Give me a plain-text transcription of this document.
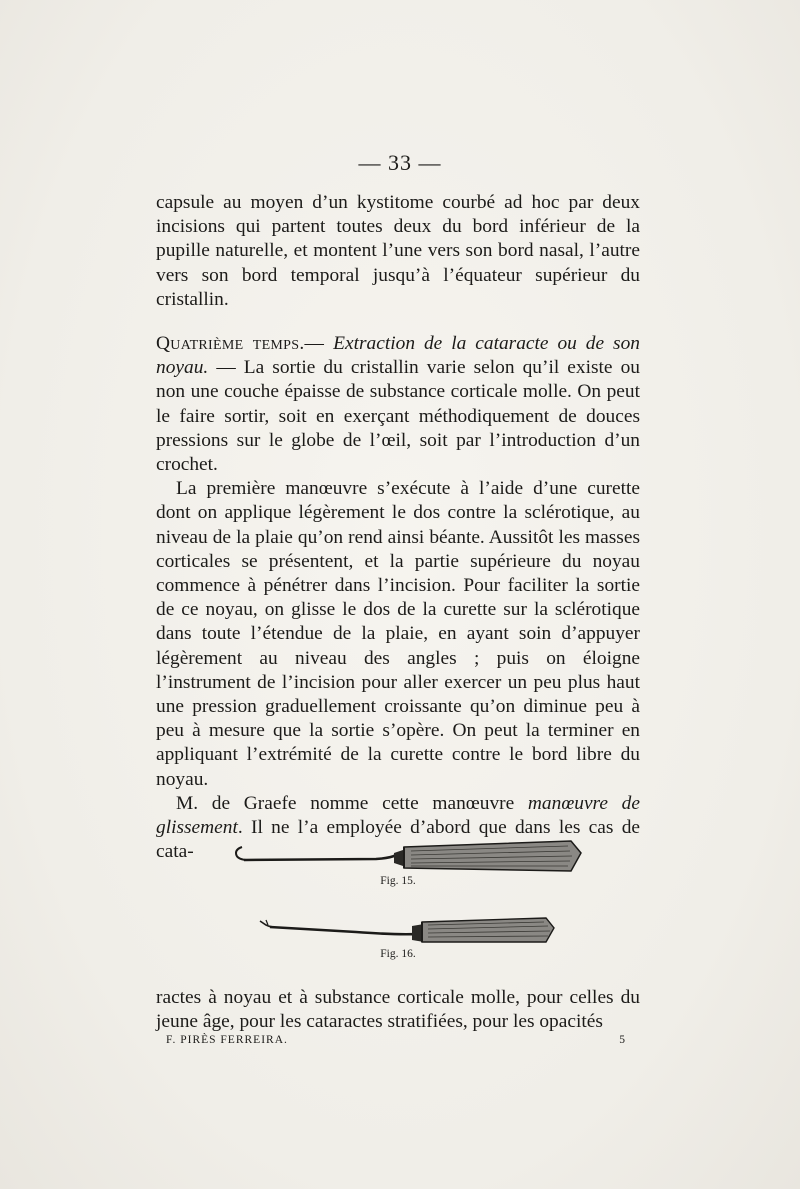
— 33 —

capsule au moyen d’un kystitome courbé ad hoc par deux incisions qui partent toutes deux du bord inférieur de la pupille naturelle, et montent l’une vers son bord nasal, l’autre vers son bord temporal jusqu’à l’équateur supérieur du cristallin.

Quatrième temps.— Extraction de la cataracte ou de son noyau. — La sortie du cristallin varie selon qu’il existe ou non une couche épaisse de substance corticale molle. On peut le faire sortir, soit en exerçant méthodiquement de douces pressions sur le globe de l’œil, soit par l’introduction d’un crochet.

La première manœuvre s’exécute à l’aide d’une curette dont on applique légèrement le dos contre la sclérotique, au niveau de la plaie qu’on rend ainsi béante. Aussitôt les masses corticales se présentent, et la partie supérieure du noyau commence à pénétrer dans l’incision. Pour faciliter la sortie de ce noyau, on glisse le dos de la curette sur la sclérotique dans toute l’étendue de la plaie, en ayant soin d’appuyer légèrement au niveau des angles ; puis on éloigne l’instrument de l’incision pour aller exercer un peu plus haut une pression graduellement croissante qu’on diminue peu à peu à mesure que la sortie s’opère. On peut la terminer en appliquant l’extrémité de la curette contre le bord libre du noyau.

M. de Graefe nomme cette manœuvre manœuvre de glissement. Il ne l’a employée d’abord que dans les cas de cata-

Fig. 15.
Fig. 16.

ractes à noyau et à substance corticale molle, pour celles du jeune âge, pour les cataractes stratifiées, pour les opacités

F. PIRÈS FERREIRA.	5
